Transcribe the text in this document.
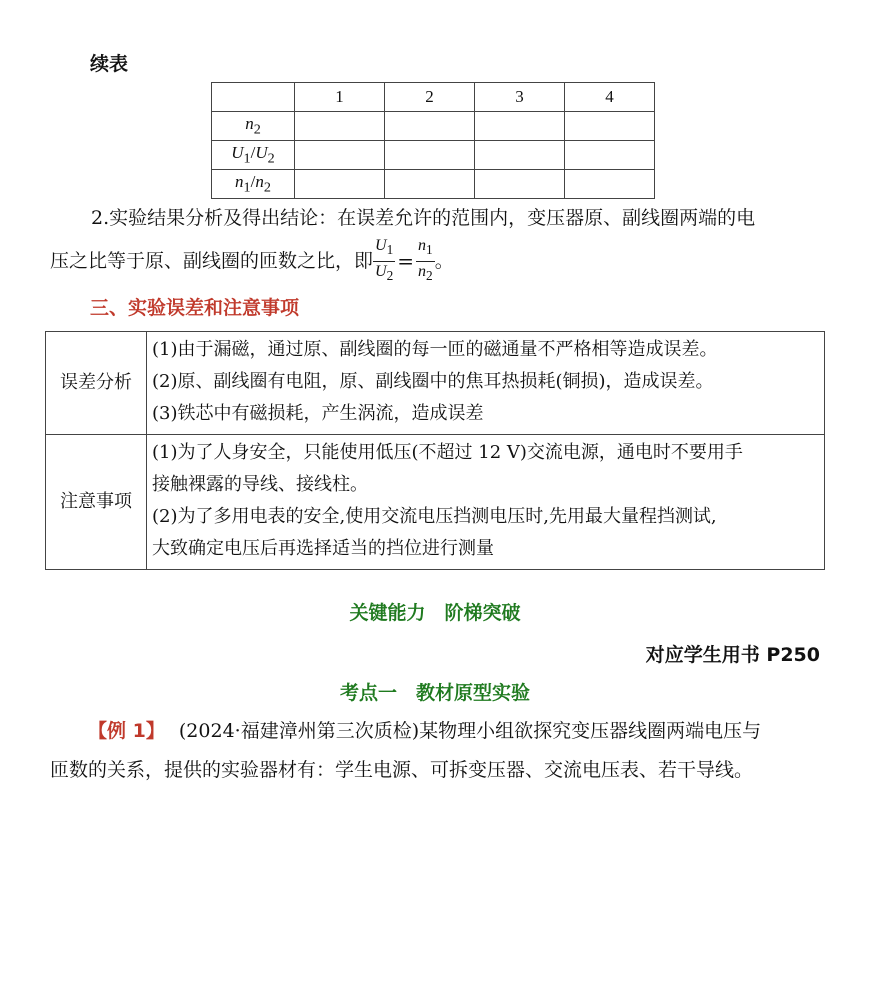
续表
	1	2	3	4
$n_2$				
$U_1/U_2$				
$n_1/n_2$				
2.实验结果分析及得出结论：在误差允许的范围内，变压器原、副线圈两端的电
压之比等于原、副线圈的匝数之比，即 $\frac{U_1}{U_2} = \frac{n_1}{n_2}$ 。
三、实验误差和注意事项
误差分析	(1)由于漏磁，通过原、副线圈的每一匝的磁通量不严格相等造成误差。
(2)原、副线圈有电阻，原、副线圈中的焦耳热损耗(铜损)，造成误差。
(3)铁芯中有磁损耗，产生涡流，造成误差

注意事项	(1)为了人身安全，只能使用低压(不超过 12 V)交流电源，通电时不要用手
接触裸露的导线、接线柱。
(2)为了多用电表的安全,使用交流电压挡测电压时,先用最大量程挡测试,
大致确定电压后再选择适当的挡位进行测量
关键能力　阶梯突破
对应学生用书 P250
考点一　教材原型实验
【例 1】 (2024·福建漳州第三次质检)某物理小组欲探究变压器线圈两端电压与
匝数的关系，提供的实验器材有：学生电源、可拆变压器、交流电压表、若干导线。
